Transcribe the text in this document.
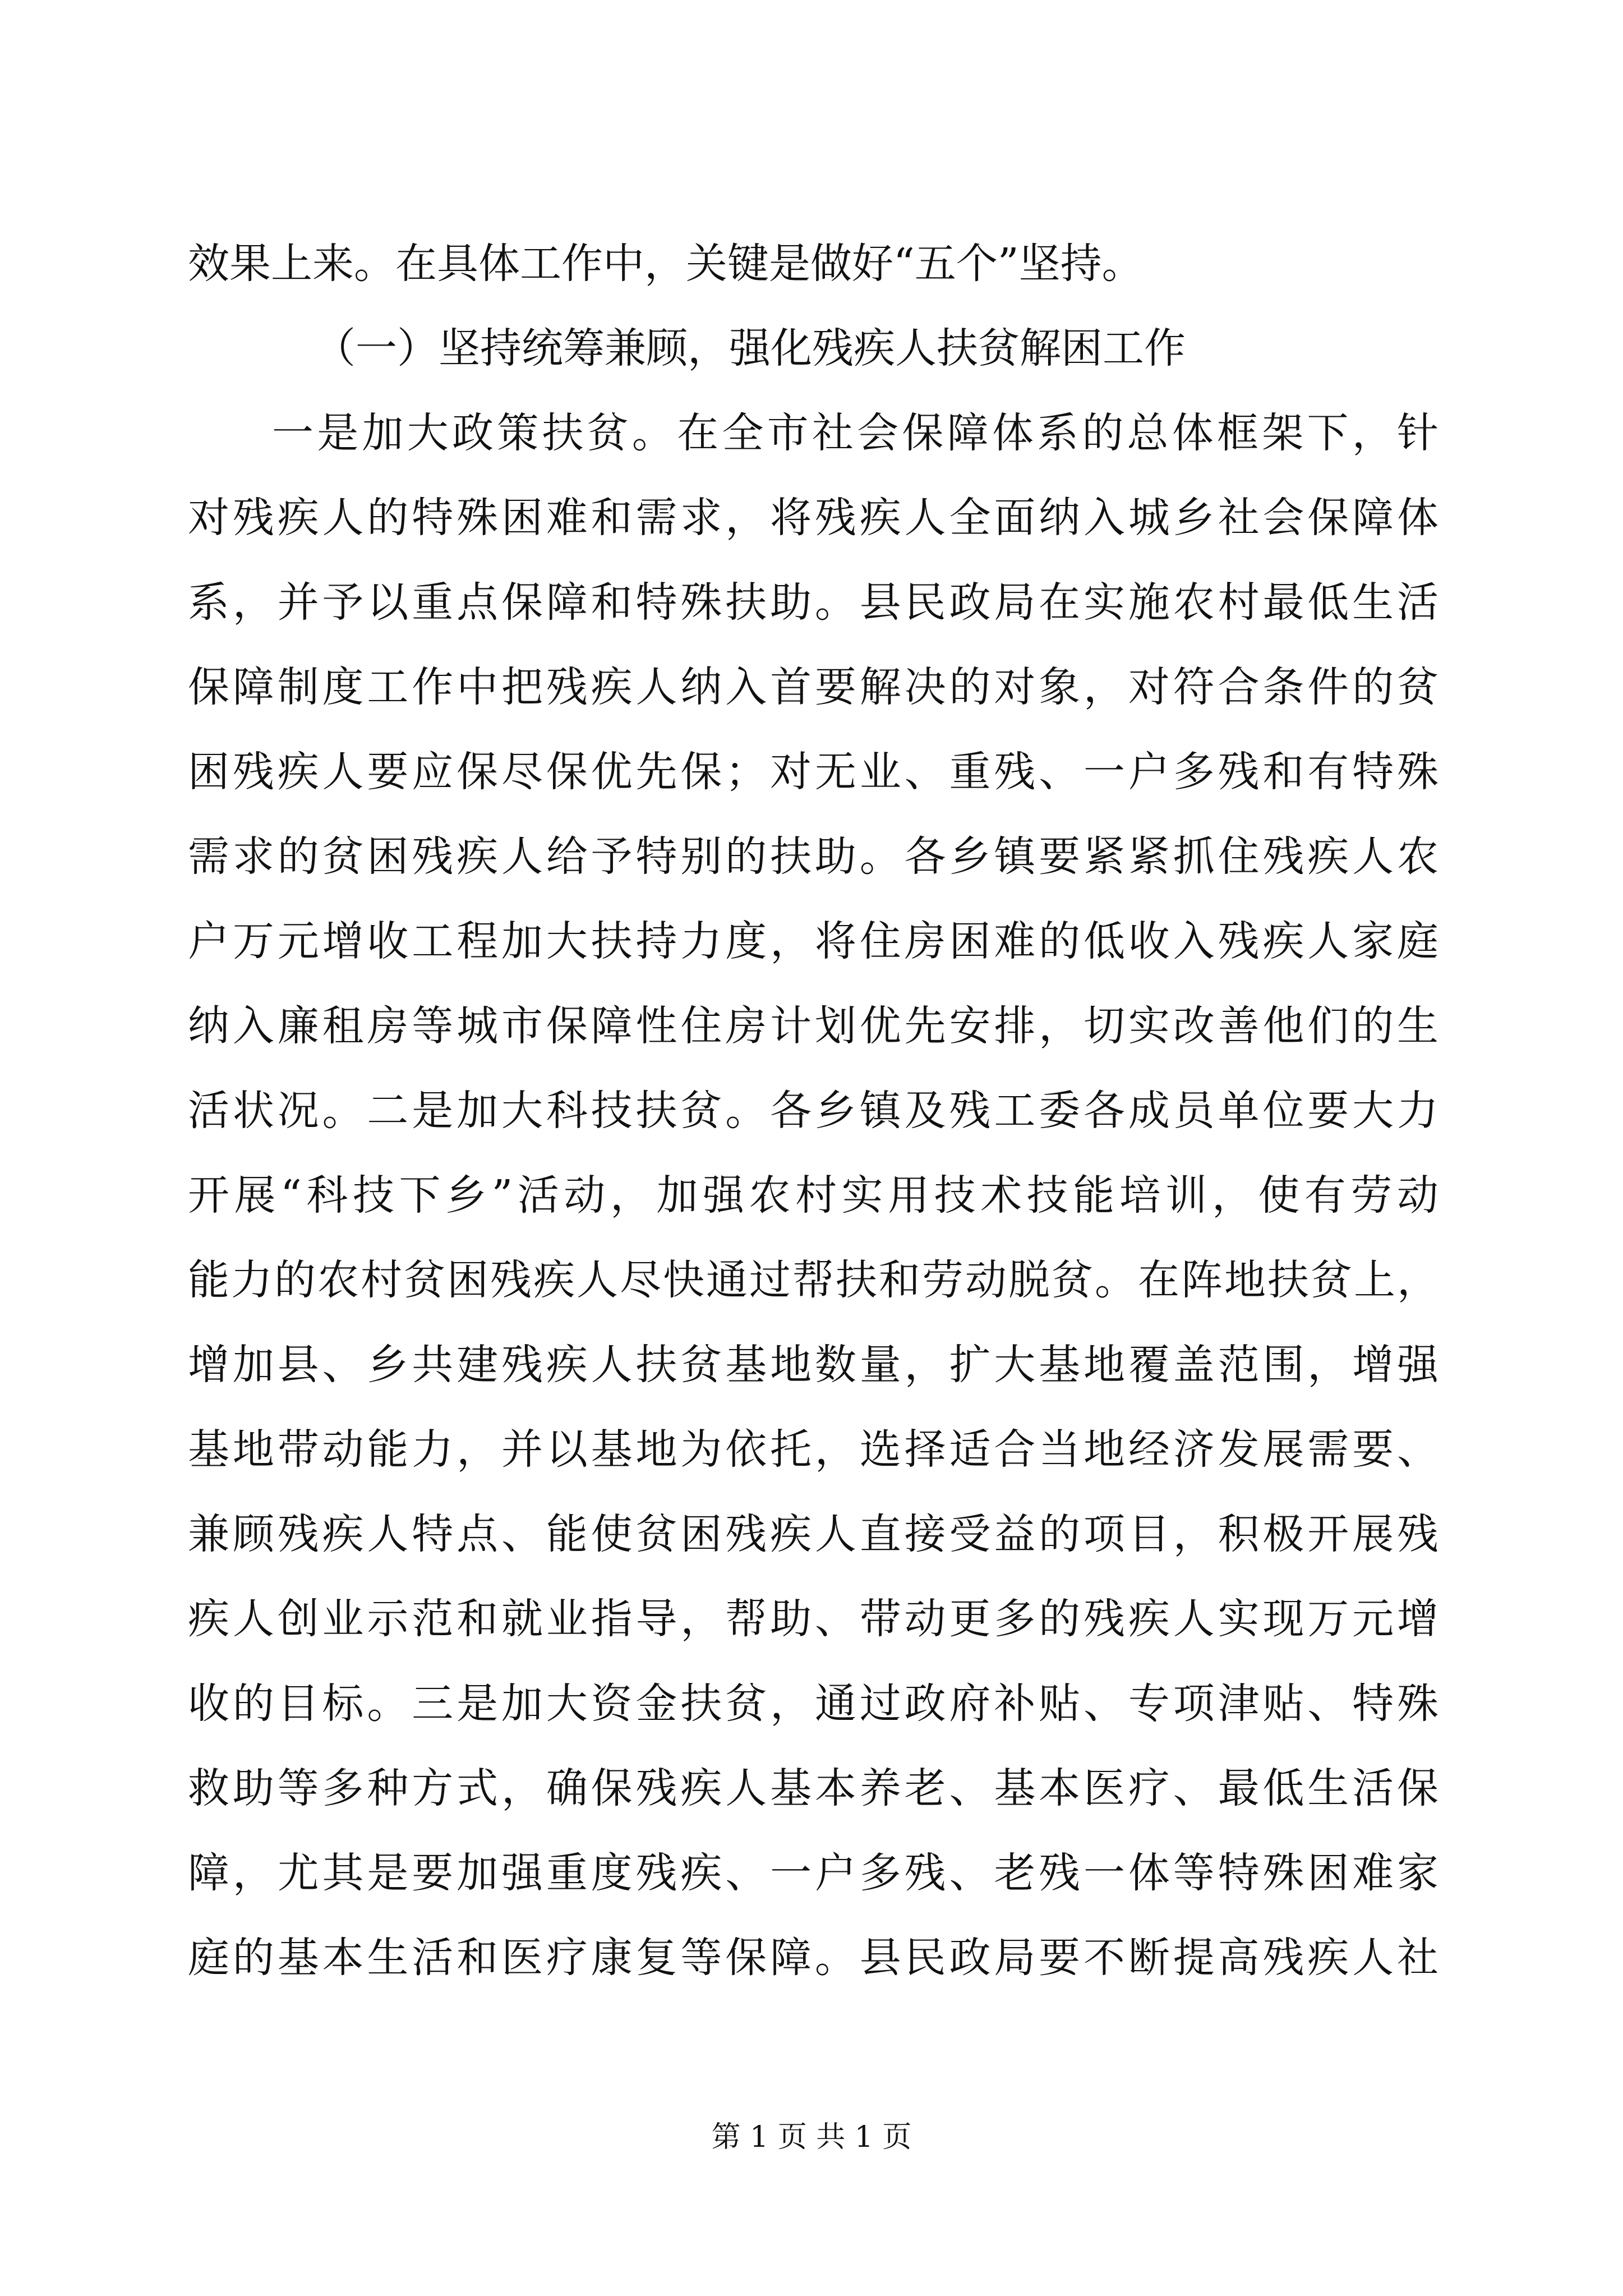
效果上来。在具体工作中，关键是做好“五个”坚持。
（一）坚持统筹兼顾，强化残疾人扶贫解困工作
一是加大政策扶贫。在全市社会保障体系的总体框架下，针
对残疾人的特殊困难和需求，将残疾人全面纳入城乡社会保障体
系，并予以重点保障和特殊扶助。县民政局在实施农村最低生活
保障制度工作中把残疾人纳入首要解决的对象，对符合条件的贫
困残疾人要应保尽保优先保；对无业、重残、一户多残和有特殊
需求的贫困残疾人给予特别的扶助。各乡镇要紧紧抓住残疾人农
户万元增收工程加大扶持力度，将住房困难的低收入残疾人家庭
纳入廉租房等城市保障性住房计划优先安排，切实改善他们的生
活状况。二是加大科技扶贫。各乡镇及残工委各成员单位要大力
开展“科技下乡”活动，加强农村实用技术技能培训，使有劳动
能力的农村贫困残疾人尽快通过帮扶和劳动脱贫。在阵地扶贫上，
增加县、乡共建残疾人扶贫基地数量，扩大基地覆盖范围，增强
基地带动能力，并以基地为依托，选择适合当地经济发展需要、
兼顾残疾人特点、能使贫困残疾人直接受益的项目，积极开展残
疾人创业示范和就业指导，帮助、带动更多的残疾人实现万元增
收的目标。三是加大资金扶贫，通过政府补贴、专项津贴、特殊
救助等多种方式，确保残疾人基本养老、基本医疗、最低生活保
障，尤其是要加强重度残疾、一户多残、老残一体等特殊困难家
庭的基本生活和医疗康复等保障。县民政局要不断提高残疾人社
第 1 页 共 1 页
